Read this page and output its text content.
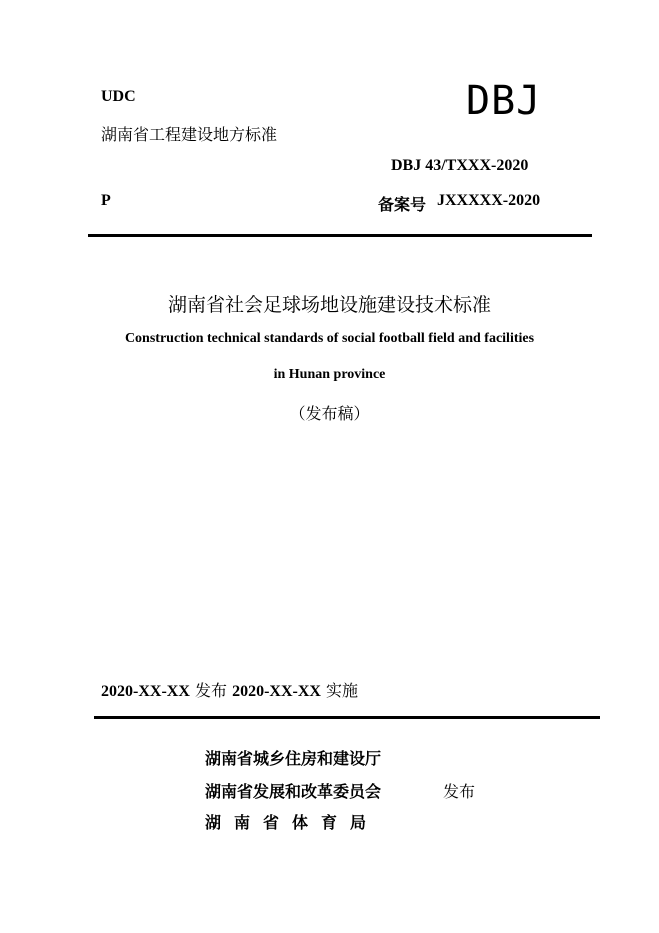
UDC
湖南省工程建设地方标准
DBJ
DBJ 43/TXXX-2020
P	备案号 JXXXXX-2020
湖南省社会足球场地设施建设技术标准
Construction technical standards of social football field and facilities
in Hunan province
（发布稿）
2020-XX-XX 发布 2020-XX-XX 实施
湖南省城乡住房和建设厅
湖南省发展和改革委员会
湖南省体育局
发布
